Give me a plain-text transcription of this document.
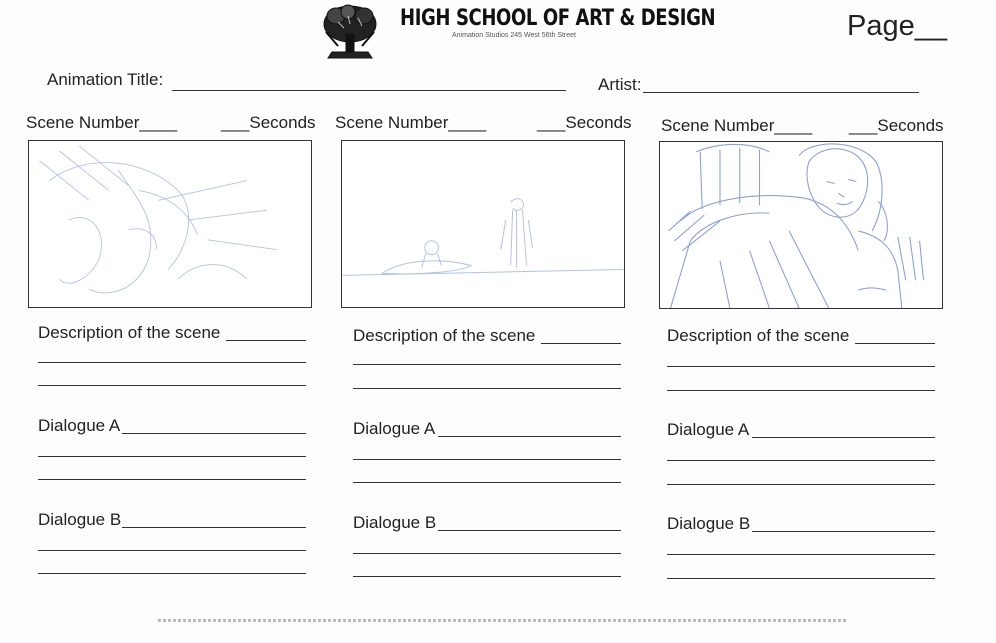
HIGH SCHOOL OF ART & DESIGN
Animation Studios 245 West 56th Street	Page__
Animation Title:	Artist:
Scene Number____	___Seconds
Description of the scene
Dialogue A
Dialogue B
Scene Number____	___Seconds
Description of the scene
Dialogue A
Dialogue B
Scene Number____ ___Seconds
Description of the scene
Dialogue A
Dialogue B
